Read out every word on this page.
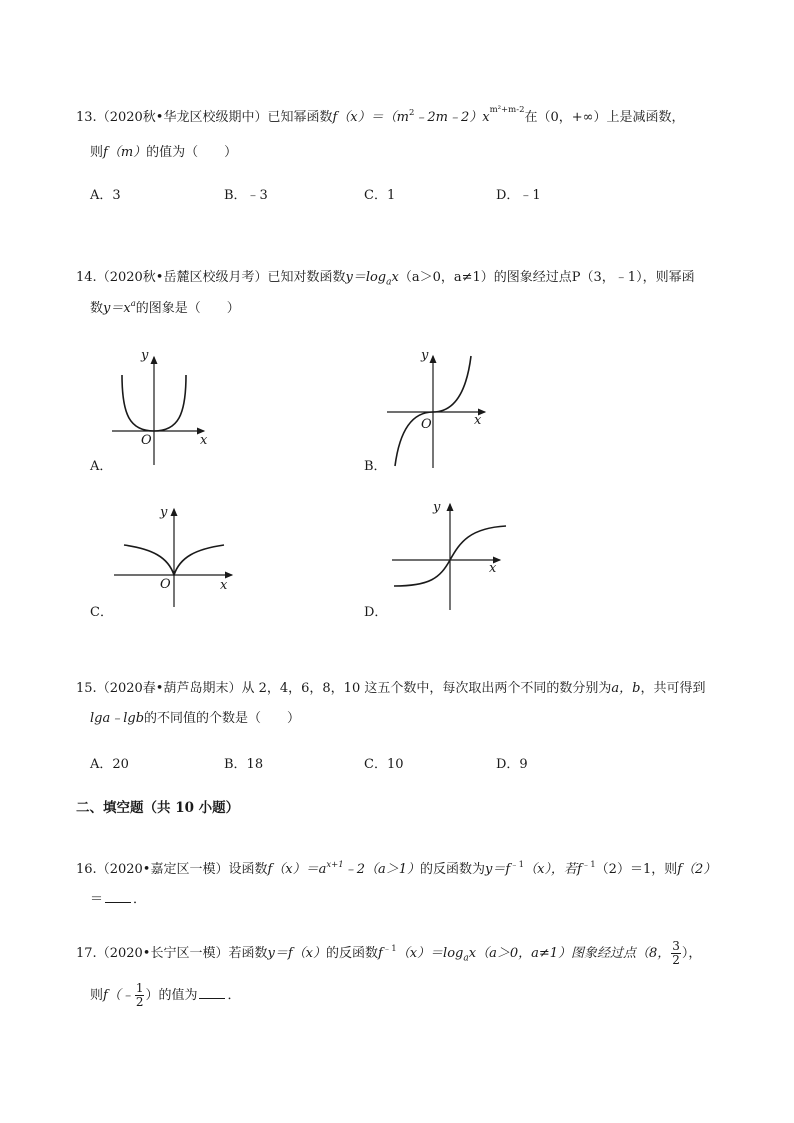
13.（2020秋•华龙区校级期中）已知幂函数$f(x)=(m^2﹣2m﹣2)x^{m^2+m-2}$在（0，+∞）上是减函数，
则f（m）的值为（　　）
A．3	B．﹣3	C．1	D．﹣1
14.（2020秋•岳麓区校级月考）已知对数函数$y=\log_ax(a>0$，a≠1）的图象经过点P（3，﹣1），则幂函
数$y=x^a$的图象是（　　）
y
O	x
A．
y
O	x
B．
y
O	x
C．
y
x
D．
15.（2020春•葫芦岛期末）从 2，4，6，8，10 这五个数中，每次取出两个不同的数分别为a，b，共可得到
lga﹣lgb的不同值的个数是（　　）
A．20	B．18	C．10	D．9
二、填空题（共 10 小题）
16.（2020•嘉定区一模）设函数$f(x)=a^{x+1}﹣2(a>1)$的反函数为$y=f^{﹣1}(x)$，若$f^{﹣1}(2)=1$，则f（2）
＝ ．
17.（2020•长宁区一模）若函数y＝f（x）的反函数$f^{﹣1}(x)=\log_ax(a>0$，a≠1）图象经过点（8， $\frac{3}{2}$ ），
则f（﹣ $\frac{1}{2}$ ）的值为 ．
